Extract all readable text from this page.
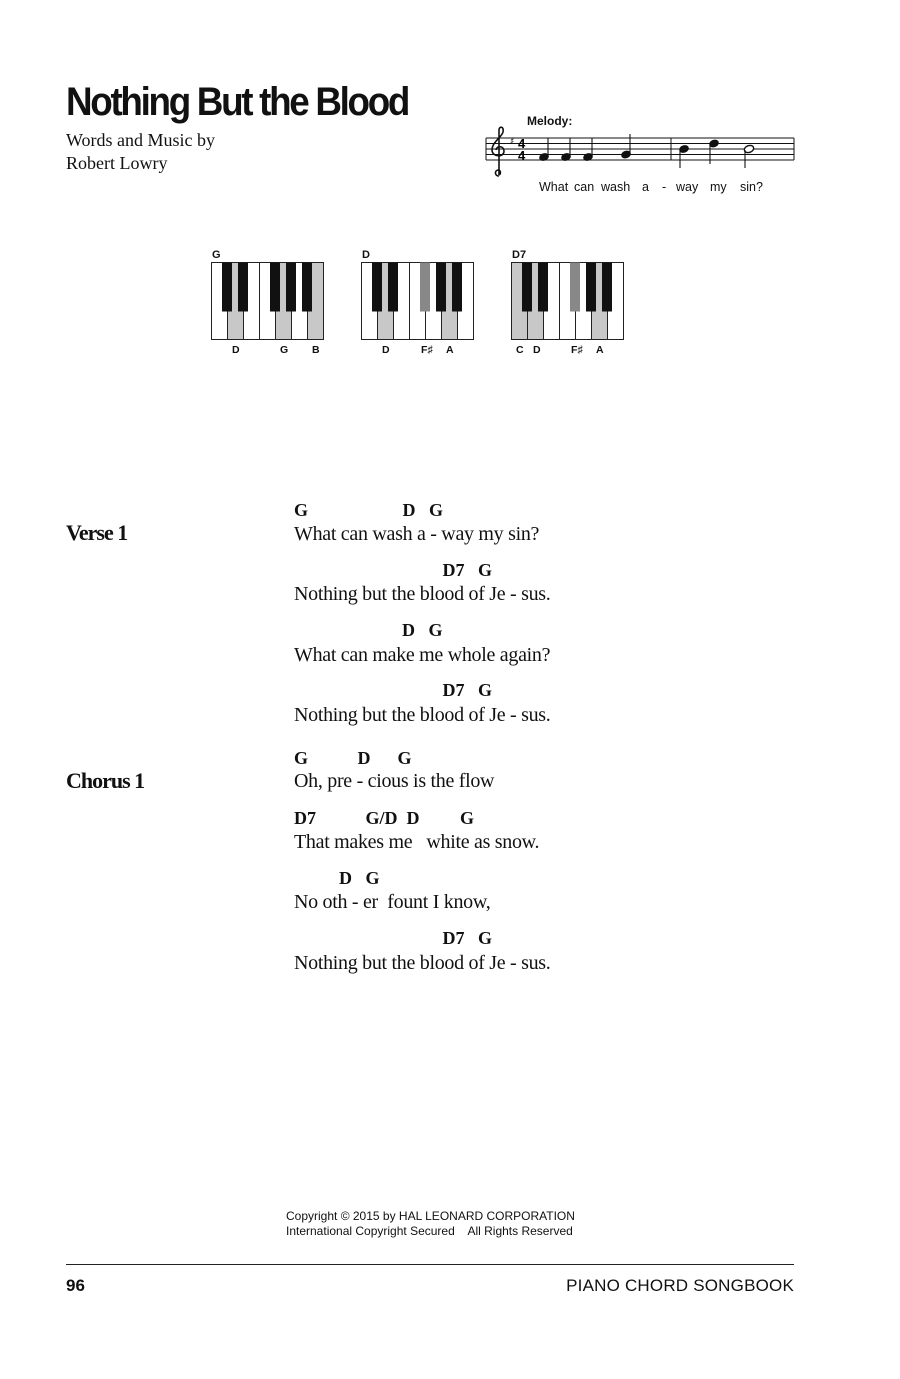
Nothing But the Blood
Words and Music by
Robert Lowry
Melody:
♯ 4
4
What can wash a - way my sin?
G
D	G B
D
D	F♯ A
D7
C D	F♯ A
Verse 1
G                     D   G
What can wash a - way my sin?
D7   G
Nothing but the blood of Je - sus.
D   G
What can make me whole again?
D7   G
Nothing but the blood of Je - sus.
Chorus 1
G           D      G
Oh, pre - cious is the flow
D7           G/D  D         G
That makes me   white as snow.
D   G
No oth - er  fount I know,
D7   G
Nothing but the blood of Je - sus.
Copyright © 2015 by HAL LEONARD CORPORATION
International Copyright Secured    All Rights Reserved
96	PIANO CHORD SONGBOOK
